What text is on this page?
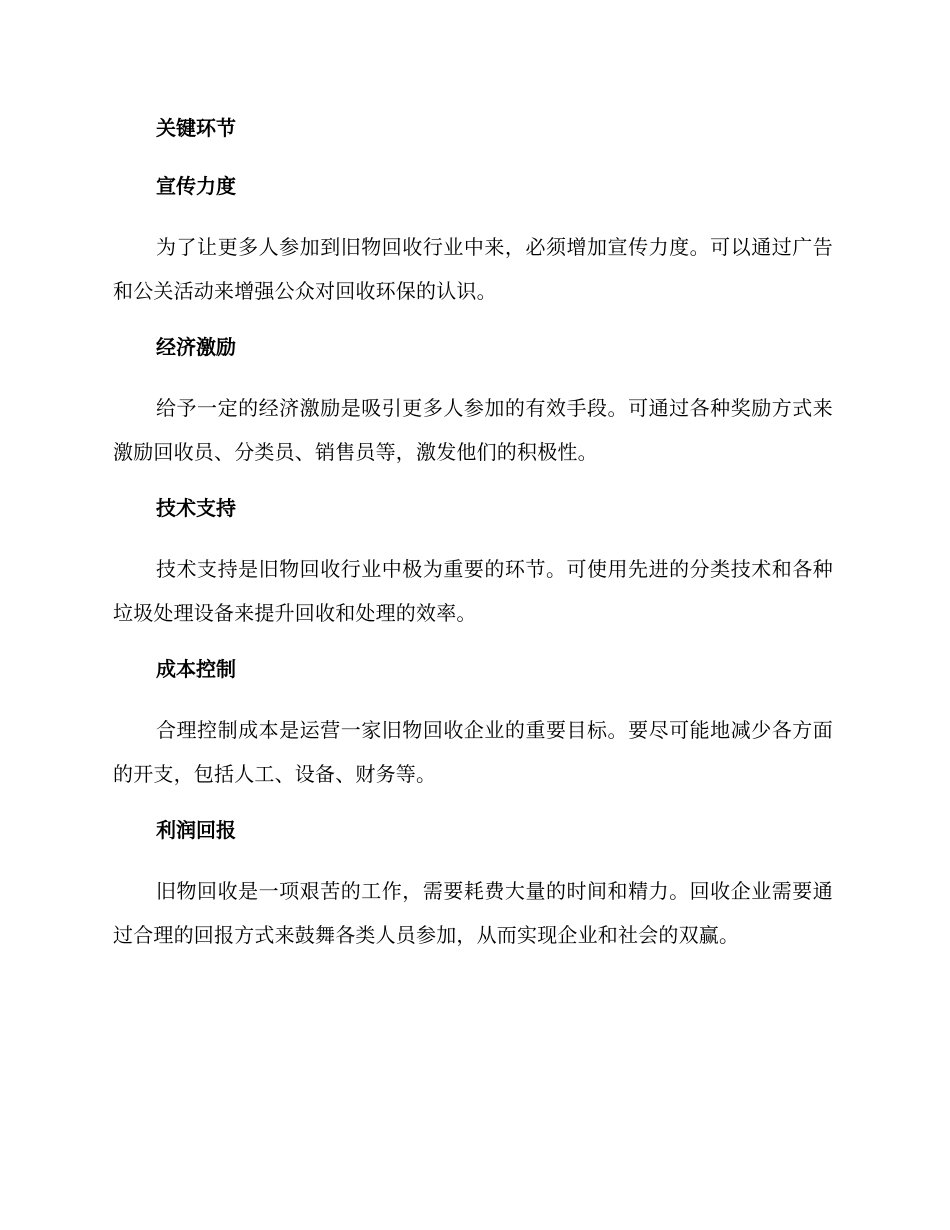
关键环节
宣传力度
为了让更多人参加到旧物回收行业中来，必须增加宣传力度。可以通过广告和公关活动来增强公众对回收环保的认识。
经济激励
给予一定的经济激励是吸引更多人参加的有效手段。可通过各种奖励方式来激励回收员、分类员、销售员等，激发他们的积极性。
技术支持
技术支持是旧物回收行业中极为重要的环节。可使用先进的分类技术和各种垃圾处理设备来提升回收和处理的效率。
成本控制
合理控制成本是运营一家旧物回收企业的重要目标。要尽可能地减少各方面的开支，包括人工、设备、财务等。
利润回报
旧物回收是一项艰苦的工作，需要耗费大量的时间和精力。回收企业需要通过合理的回报方式来鼓舞各类人员参加，从而实现企业和社会的双赢。
